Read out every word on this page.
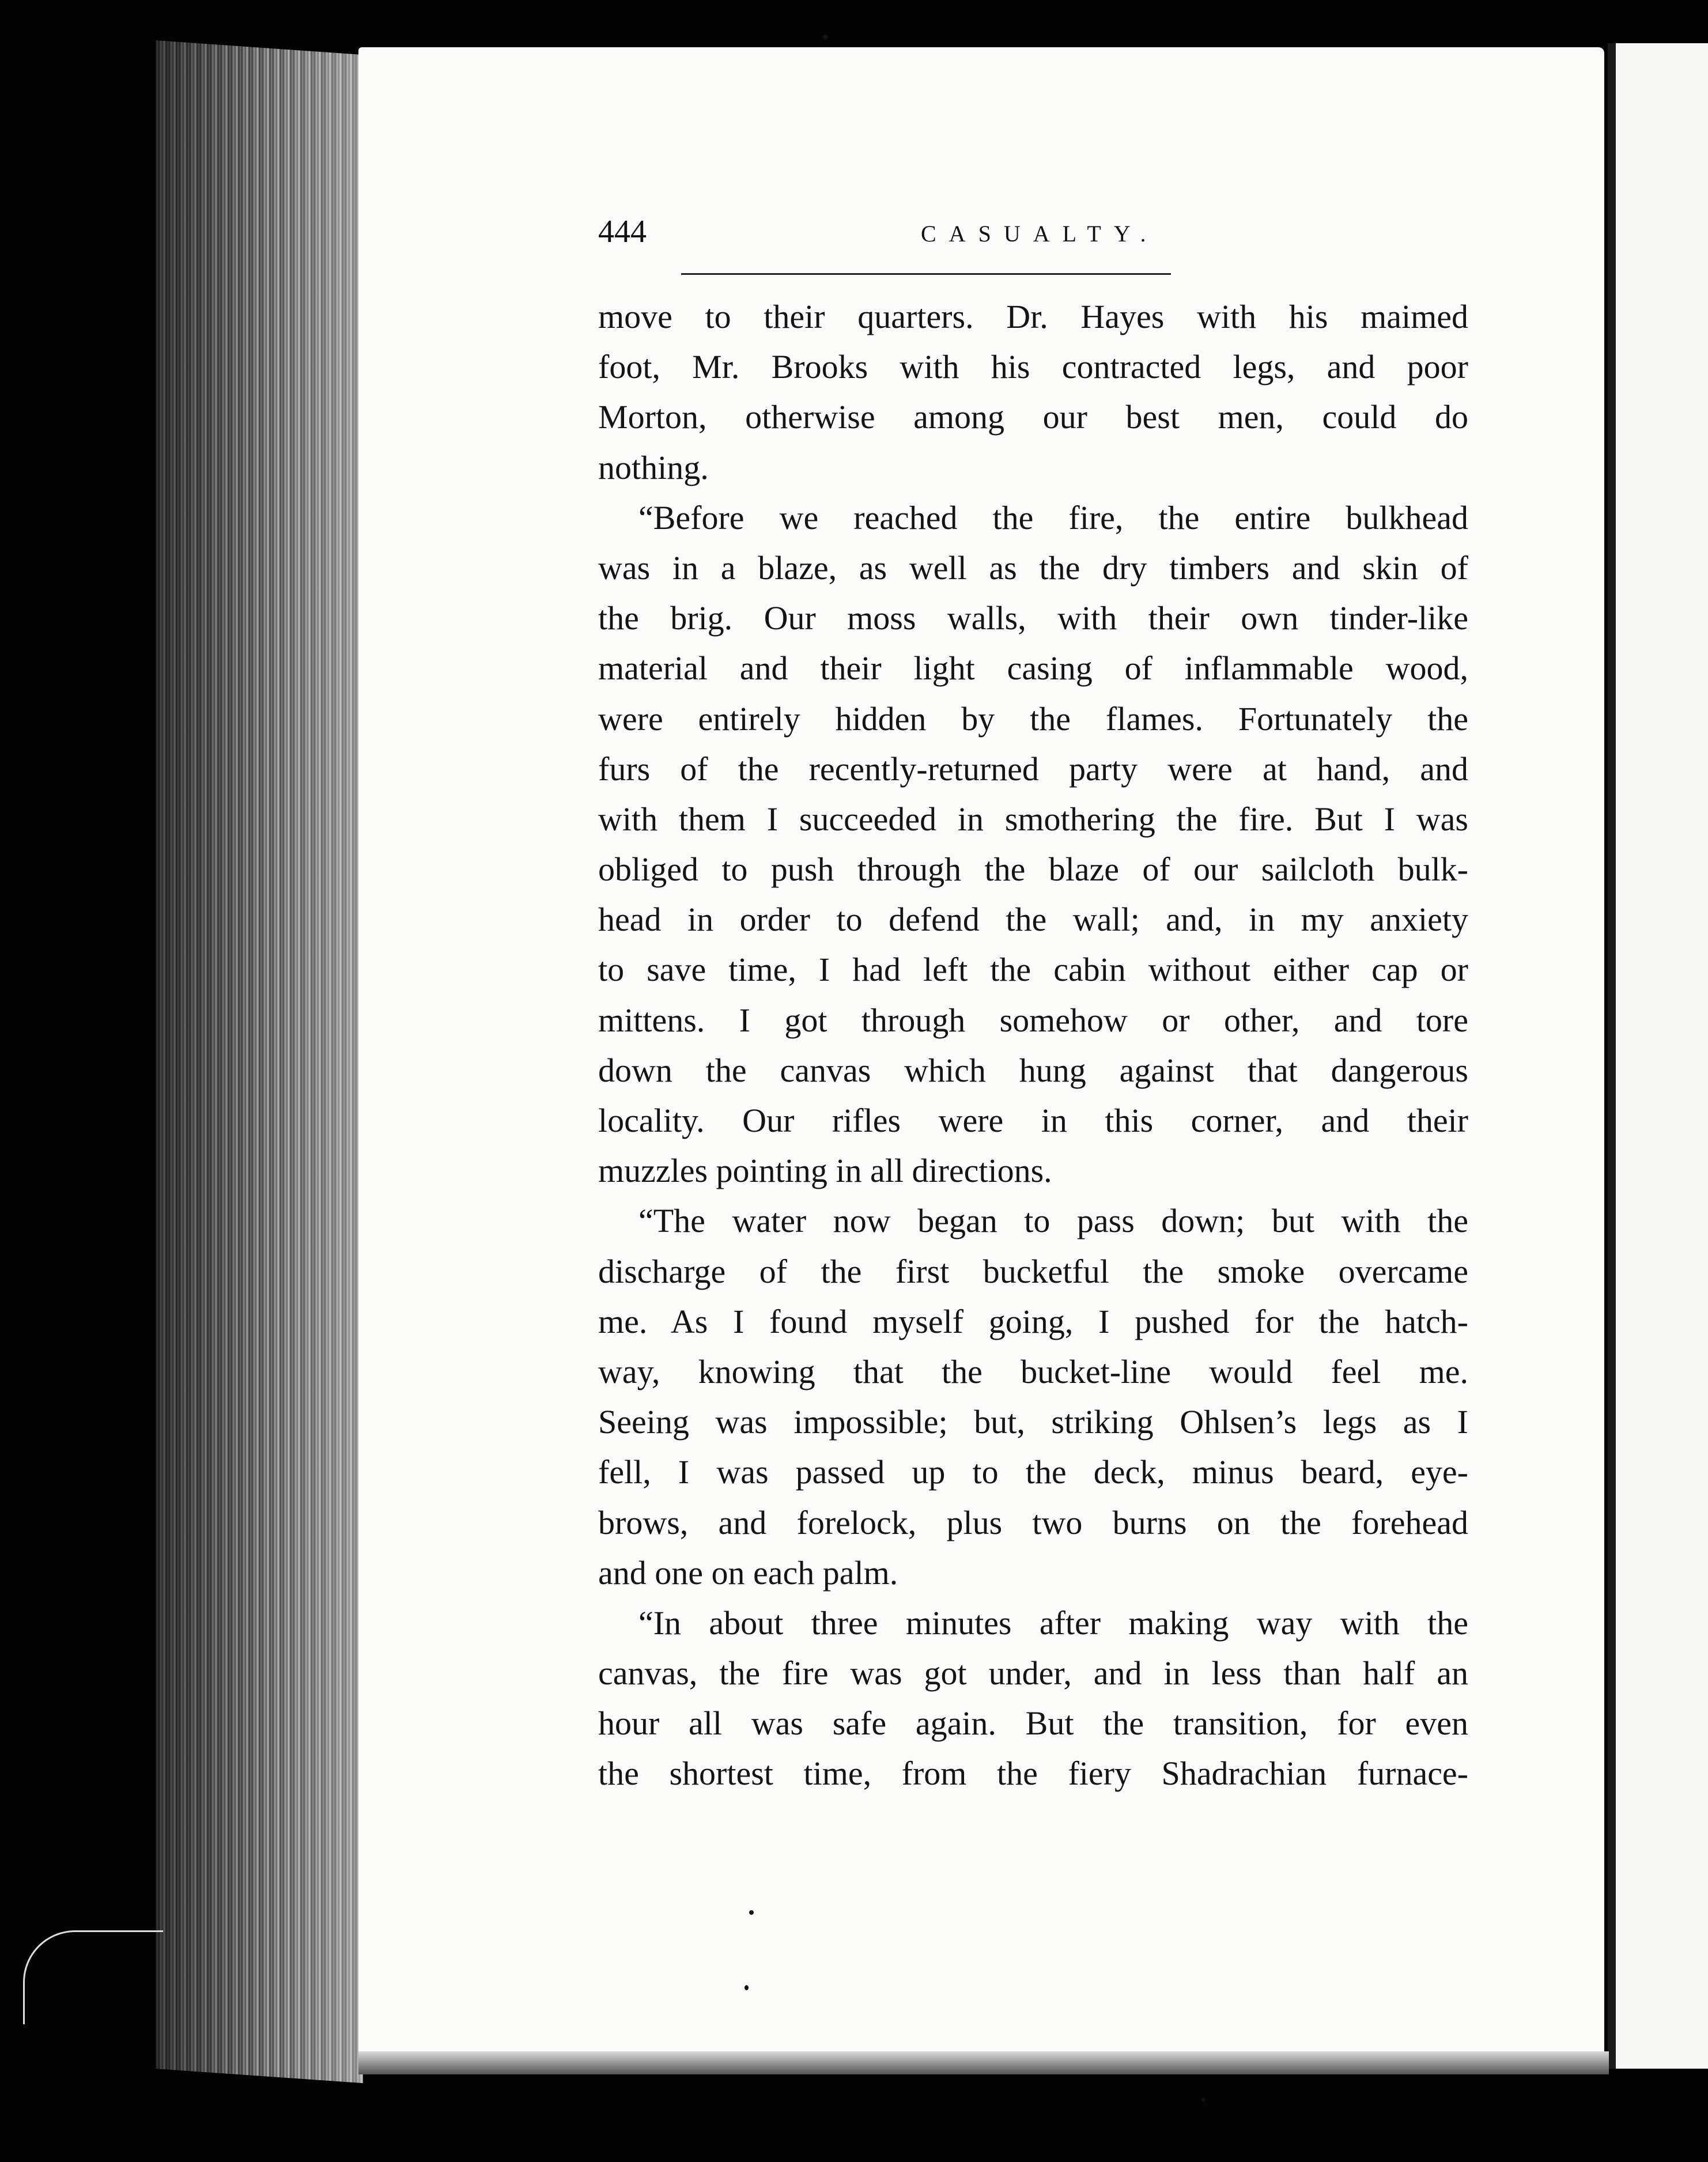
444	CASUALTY.
move to their quarters. Dr. Hayes with his maimed
foot, Mr. Brooks with his contracted legs, and poor
Morton, otherwise among our best men, could do
nothing.
“Before we reached the fire, the entire bulkhead
was in a blaze, as well as the dry timbers and skin of
the brig. Our moss walls, with their own tinder-like
material and their light casing of inflammable wood,
were entirely hidden by the flames. Fortunately the
furs of the recently-returned party were at hand, and
with them I succeeded in smothering the fire. But I was
obliged to push through the blaze of our sailcloth bulk-
head in order to defend the wall; and, in my anxiety
to save time, I had left the cabin without either cap or
mittens. I got through somehow or other, and tore
down the canvas which hung against that dangerous
locality. Our rifles were in this corner, and their
muzzles pointing in all directions.
“The water now began to pass down; but with the
discharge of the first bucketful the smoke overcame
me. As I found myself going, I pushed for the hatch-
way, knowing that the bucket-line would feel me.
Seeing was impossible; but, striking Ohlsen’s legs as I
fell, I was passed up to the deck, minus beard, eye-
brows, and forelock, plus two burns on the forehead
and one on each palm.
“In about three minutes after making way with the
canvas, the fire was got under, and in less than half an
hour all was safe again. But the transition, for even
the shortest time, from the fiery Shadrachian furnace-
